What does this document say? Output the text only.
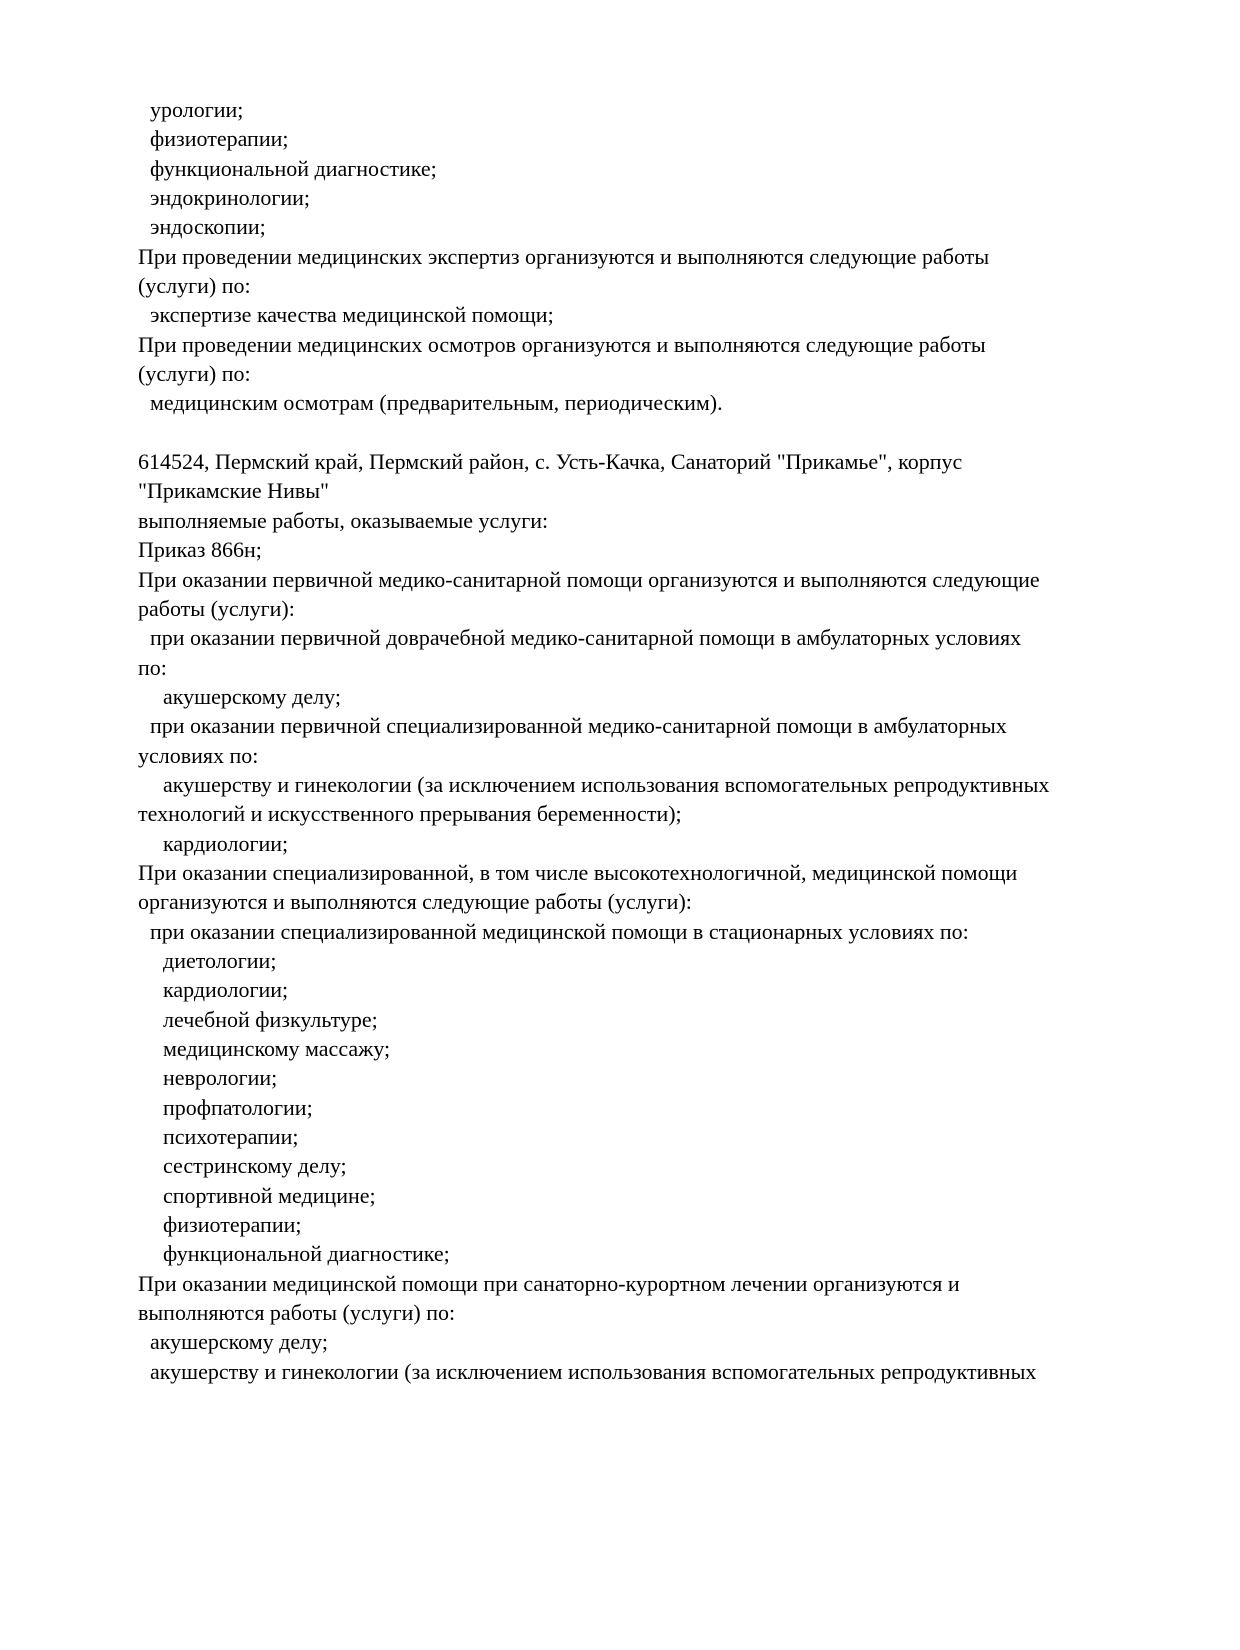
урологии;
физиотерапии;
функциональной диагностике;
эндокринологии;
эндоскопии;
При проведении медицинских экспертиз организуются и выполняются следующие работы
(услуги) по:
экспертизе качества медицинской помощи;
При проведении медицинских осмотров организуются и выполняются следующие работы
(услуги) по:
медицинским осмотрам (предварительным, периодическим).
614524, Пермский край, Пермский район, с. Усть-Качка, Санаторий "Прикамье", корпус
"Прикамские Нивы"
выполняемые работы, оказываемые услуги:
Приказ 866н;
При оказании первичной медико-санитарной помощи организуются и выполняются следующие
работы (услуги):
при оказании первичной доврачебной медико-санитарной помощи в амбулаторных условиях
по:
акушерскому делу;
при оказании первичной специализированной медико-санитарной помощи в амбулаторных
условиях по:
акушерству и гинекологии (за исключением использования вспомогательных репродуктивных
технологий и искусственного прерывания беременности);
кардиологии;
При оказании специализированной, в том числе высокотехнологичной, медицинской помощи
организуются и выполняются следующие работы (услуги):
при оказании специализированной медицинской помощи в стационарных условиях по:
диетологии;
кардиологии;
лечебной физкультуре;
медицинскому массажу;
неврологии;
профпатологии;
психотерапии;
сестринскому делу;
спортивной медицине;
физиотерапии;
функциональной диагностике;
При оказании медицинской помощи при санаторно-курортном лечении организуются и
выполняются работы (услуги) по:
акушерскому делу;
акушерству и гинекологии (за исключением использования вспомогательных репродуктивных
